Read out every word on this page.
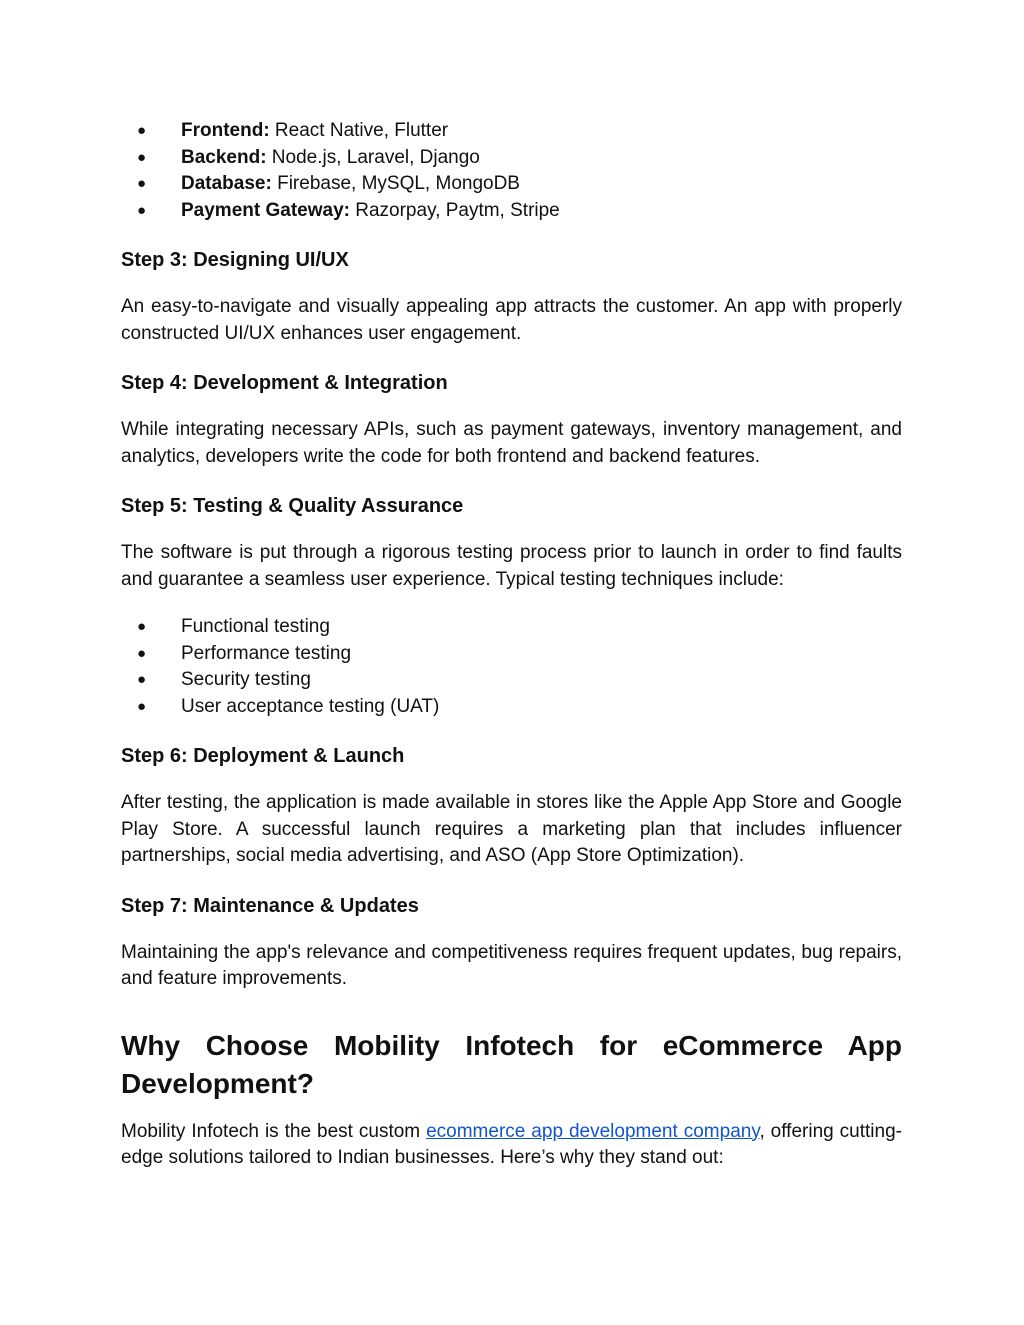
● Frontend: React Native, Flutter
● Backend: Node.js, Laravel, Django
● Database: Firebase, MySQL, MongoDB
● Payment Gateway: Razorpay, Paytm, Stripe
Step 3: Designing UI/UX

An easy-to-navigate and visually appealing app attracts the customer. An app with properly constructed UI/UX enhances user engagement.

Step 4: Development & Integration

While integrating necessary APIs, such as payment gateways, inventory management, and analytics, developers write the code for both frontend and backend features.

Step 5: Testing & Quality Assurance

The software is put through a rigorous testing process prior to launch in order to find faults and guarantee a seamless user experience. Typical testing techniques include:

● Functional testing
● Performance testing
● Security testing
● User acceptance testing (UAT)
Step 6: Deployment & Launch

After testing, the application is made available in stores like the Apple App Store and Google Play Store. A successful launch requires a marketing plan that includes influencer partnerships, social media advertising, and ASO (App Store Optimization).

Step 7: Maintenance & Updates

Maintaining the app's relevance and competitiveness requires frequent updates, bug repairs, and feature improvements.

Why Choose Mobility Infotech for eCommerce App Development?

Mobility Infotech is the best custom ecommerce app development company, offering cutting-edge solutions tailored to Indian businesses. Here’s why they stand out:
